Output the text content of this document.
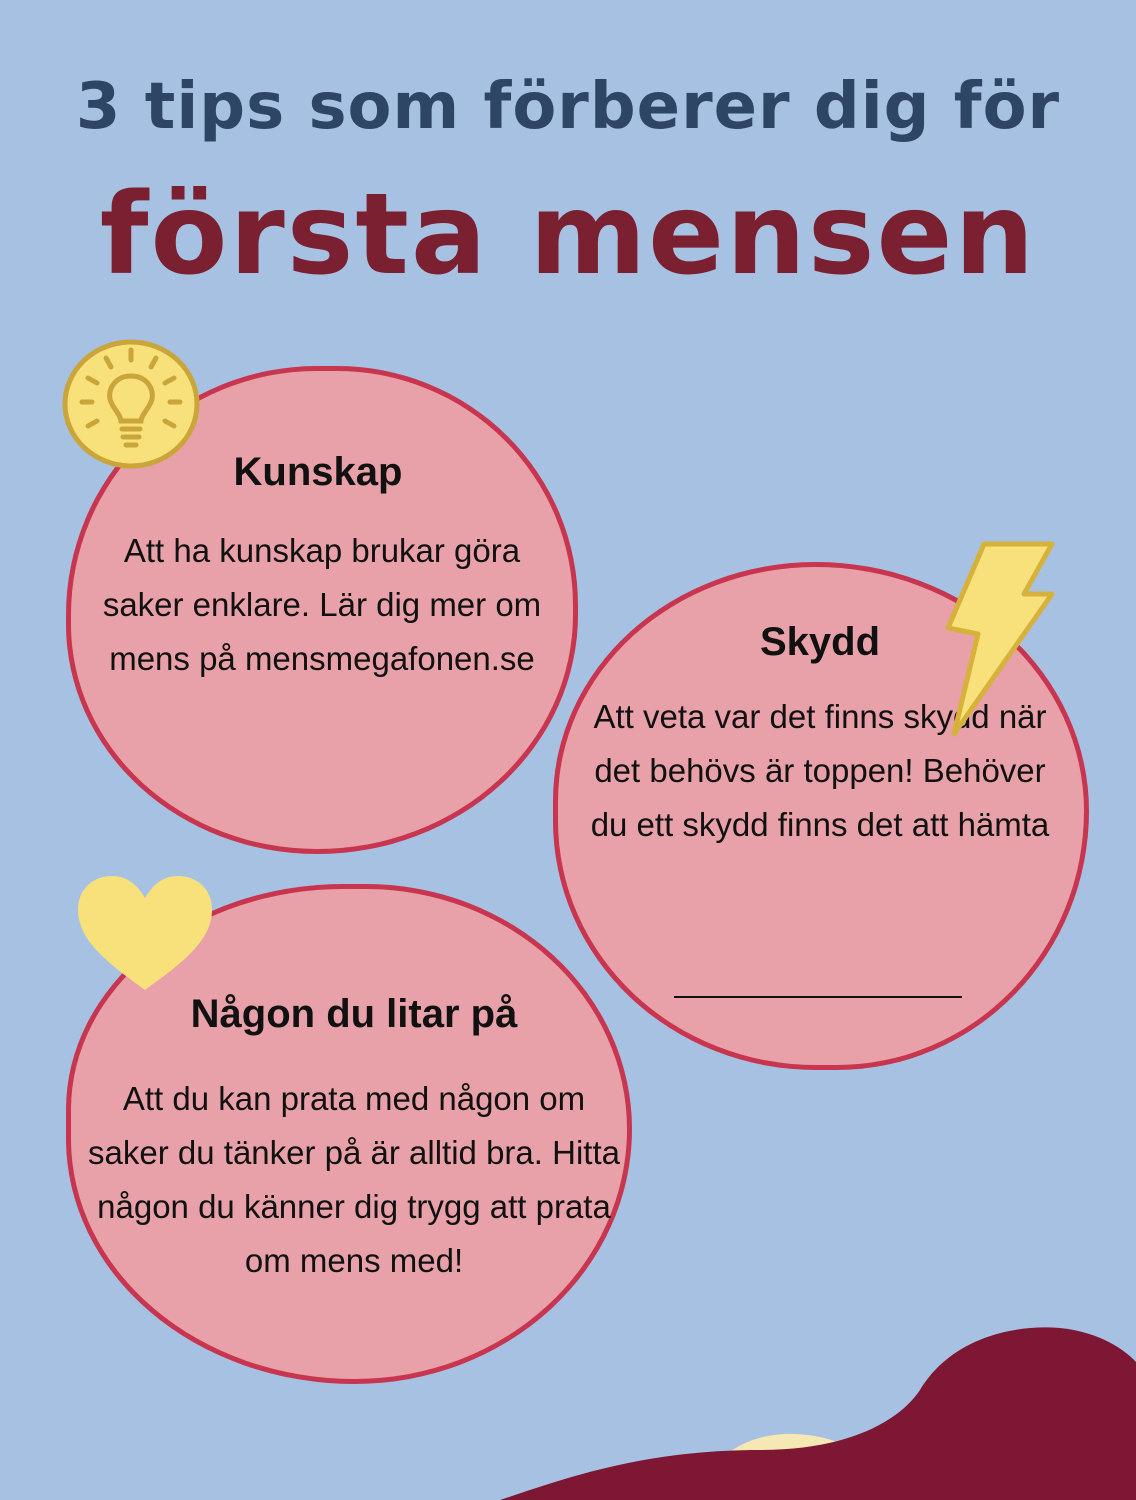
3 tips som förberer dig för
första mensen
Kunskap
Att ha kunskap brukar göra saker enklare. Lär dig mer om mens på mensmegafonen.se	Skydd
Att veta var det finns skydd när det behövs är toppen! Behöver du ett skydd finns det att hämta
Någon du litar på
Att du kan prata med någon om saker du tänker på är alltid bra. Hitta någon du känner dig trygg att prata om mens med!
